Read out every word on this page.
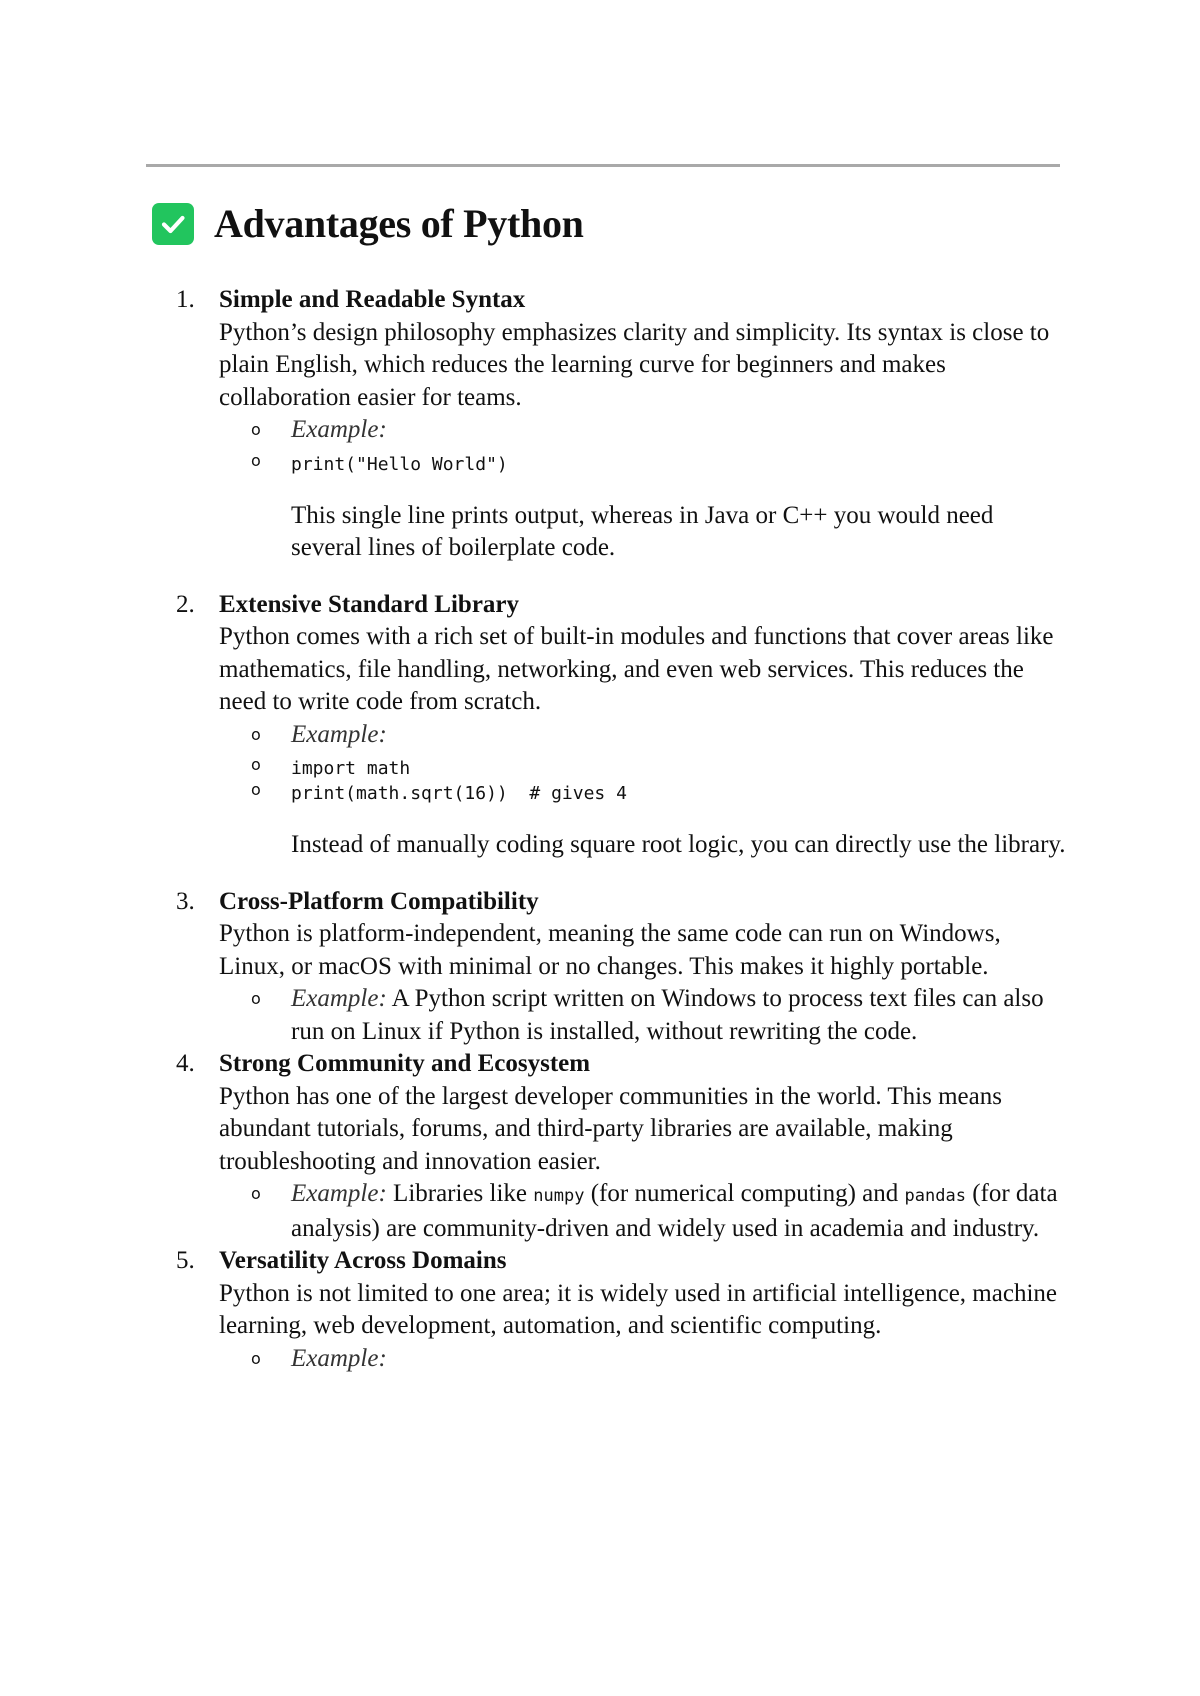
Advantages of Python
1. Simple and Readable Syntax
Python’s design philosophy emphasizes clarity and simplicity. Its syntax is close to plain English, which reduces the learning curve for beginners and makes collaboration easier for teams.
o Example:
o print("Hello World")
This single line prints output, whereas in Java or C++ you would need several lines of boilerplate code.
2. Extensive Standard Library
Python comes with a rich set of built-in modules and functions that cover areas like mathematics, file handling, networking, and even web services. This reduces the need to write code from scratch.
o Example:
o import math
o print(math.sqrt(16))  # gives 4
Instead of manually coding square root logic, you can directly use the library.
3. Cross-Platform Compatibility
Python is platform-independent, meaning the same code can run on Windows, Linux, or macOS with minimal or no changes. This makes it highly portable.
o Example: A Python script written on Windows to process text files can also run on Linux if Python is installed, without rewriting the code.
4. Strong Community and Ecosystem
Python has one of the largest developer communities in the world. This means abundant tutorials, forums, and third-party libraries are available, making troubleshooting and innovation easier.
o Example: Libraries like numpy (for numerical computing) and pandas (for data analysis) are community-driven and widely used in academia and industry.
5. Versatility Across Domains
Python is not limited to one area; it is widely used in artificial intelligence, machine learning, web development, automation, and scientific computing.
o Example:
